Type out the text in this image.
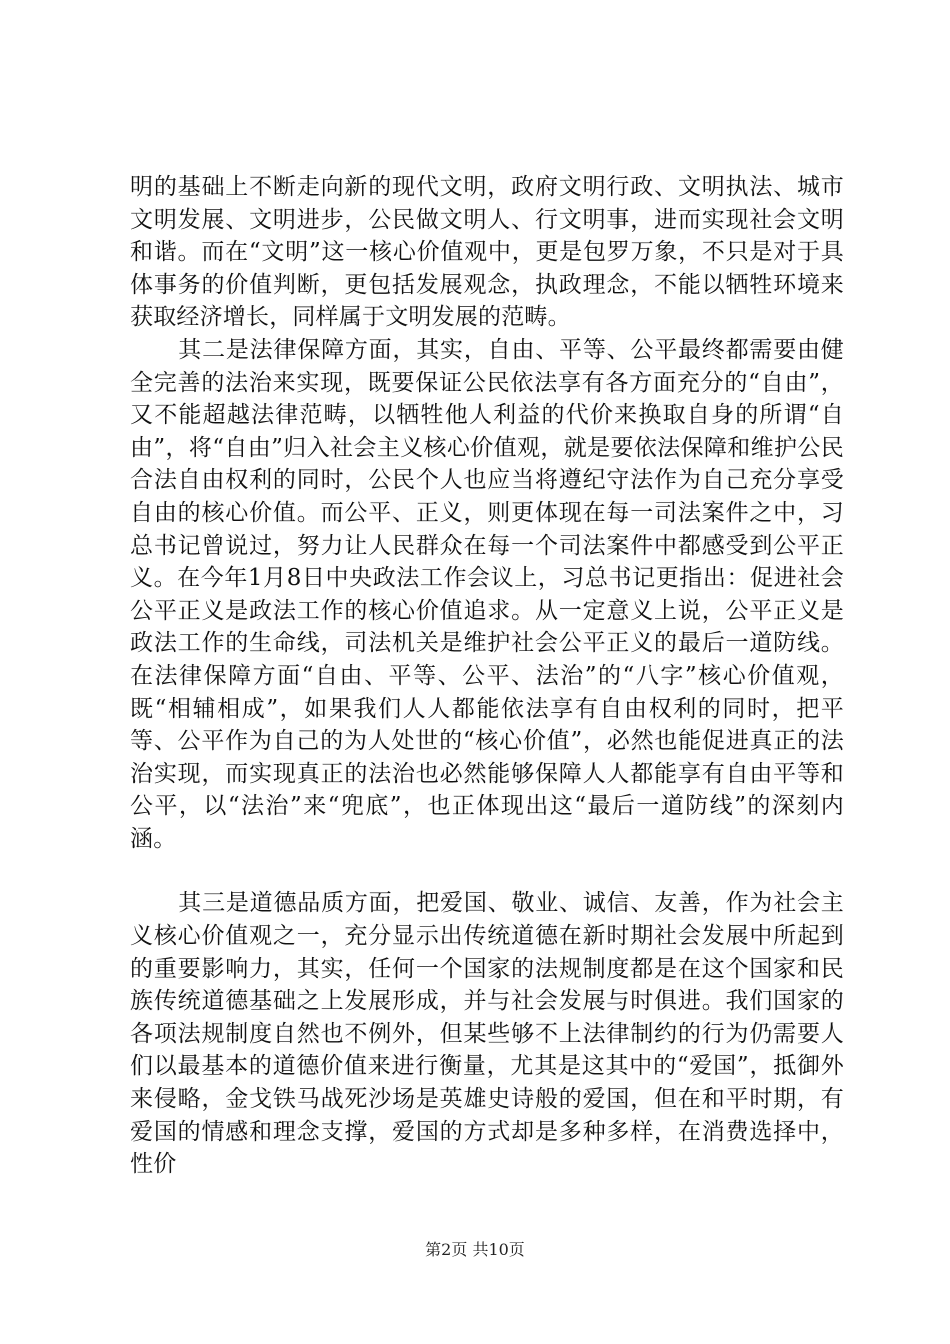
明的基础上不断走向新的现代文明，政府文明行政、文明执法、城市文明发展、文明进步，公民做文明人、行文明事，进而实现社会文明和谐。而在“文明”这一核心价值观中，更是包罗万象，不只是对于具体事务的价值判断，更包括发展观念，执政理念，不能以牺牲环境来获取经济增长，同样属于文明发展的范畴。

其二是法律保障方面，其实，自由、平等、公平最终都需要由健全完善的法治来实现，既要保证公民依法享有各方面充分的“自由”，又不能超越法律范畴，以牺牲他人利益的代价来换取自身的所谓“自由”，将“自由”归入社会主义核心价值观，就是要依法保障和维护公民合法自由权利的同时，公民个人也应当将遵纪守法作为自己充分享受自由的核心价值。而公平、正义，则更体现在每一司法案件之中，习总书记曾说过，努力让人民群众在每一个司法案件中都感受到公平正义。在今年1月8日中央政法工作会议上，习总书记更指出：促进社会公平正义是政法工作的核心价值追求。从一定意义上说，公平正义是政法工作的生命线，司法机关是维护社会公平正义的最后一道防线。在法律保障方面“自由、平等、公平、法治”的“八字”核心价值观，既“相辅相成”，如果我们人人都能依法享有自由权利的同时，把平等、公平作为自己的为人处世的“核心价值”，必然也能促进真正的法治实现，而实现真正的法治也必然能够保障人人都能享有自由平等和公平，以“法治”来“兜底”，也正体现出这“最后一道防线”的深刻内涵。

其三是道德品质方面，把爱国、敬业、诚信、友善，作为社会主义核心价值观之一，充分显示出传统道德在新时期社会发展中所起到的重要影响力，其实，任何一个国家的法规制度都是在这个国家和民族传统道德基础之上发展形成，并与社会发展与时俱进。我们国家的各项法规制度自然也不例外，但某些够不上法律制约的行为仍需要人们以最基本的道德价值来进行衡量，尤其是这其中的“爱国”，抵御外来侵略，金戈铁马战死沙场是英雄史诗般的爱国，但在和平时期，有爱国的情感和理念支撑，爱国的方式却是多种多样，在消费选择中，性价

第2页 共10页
